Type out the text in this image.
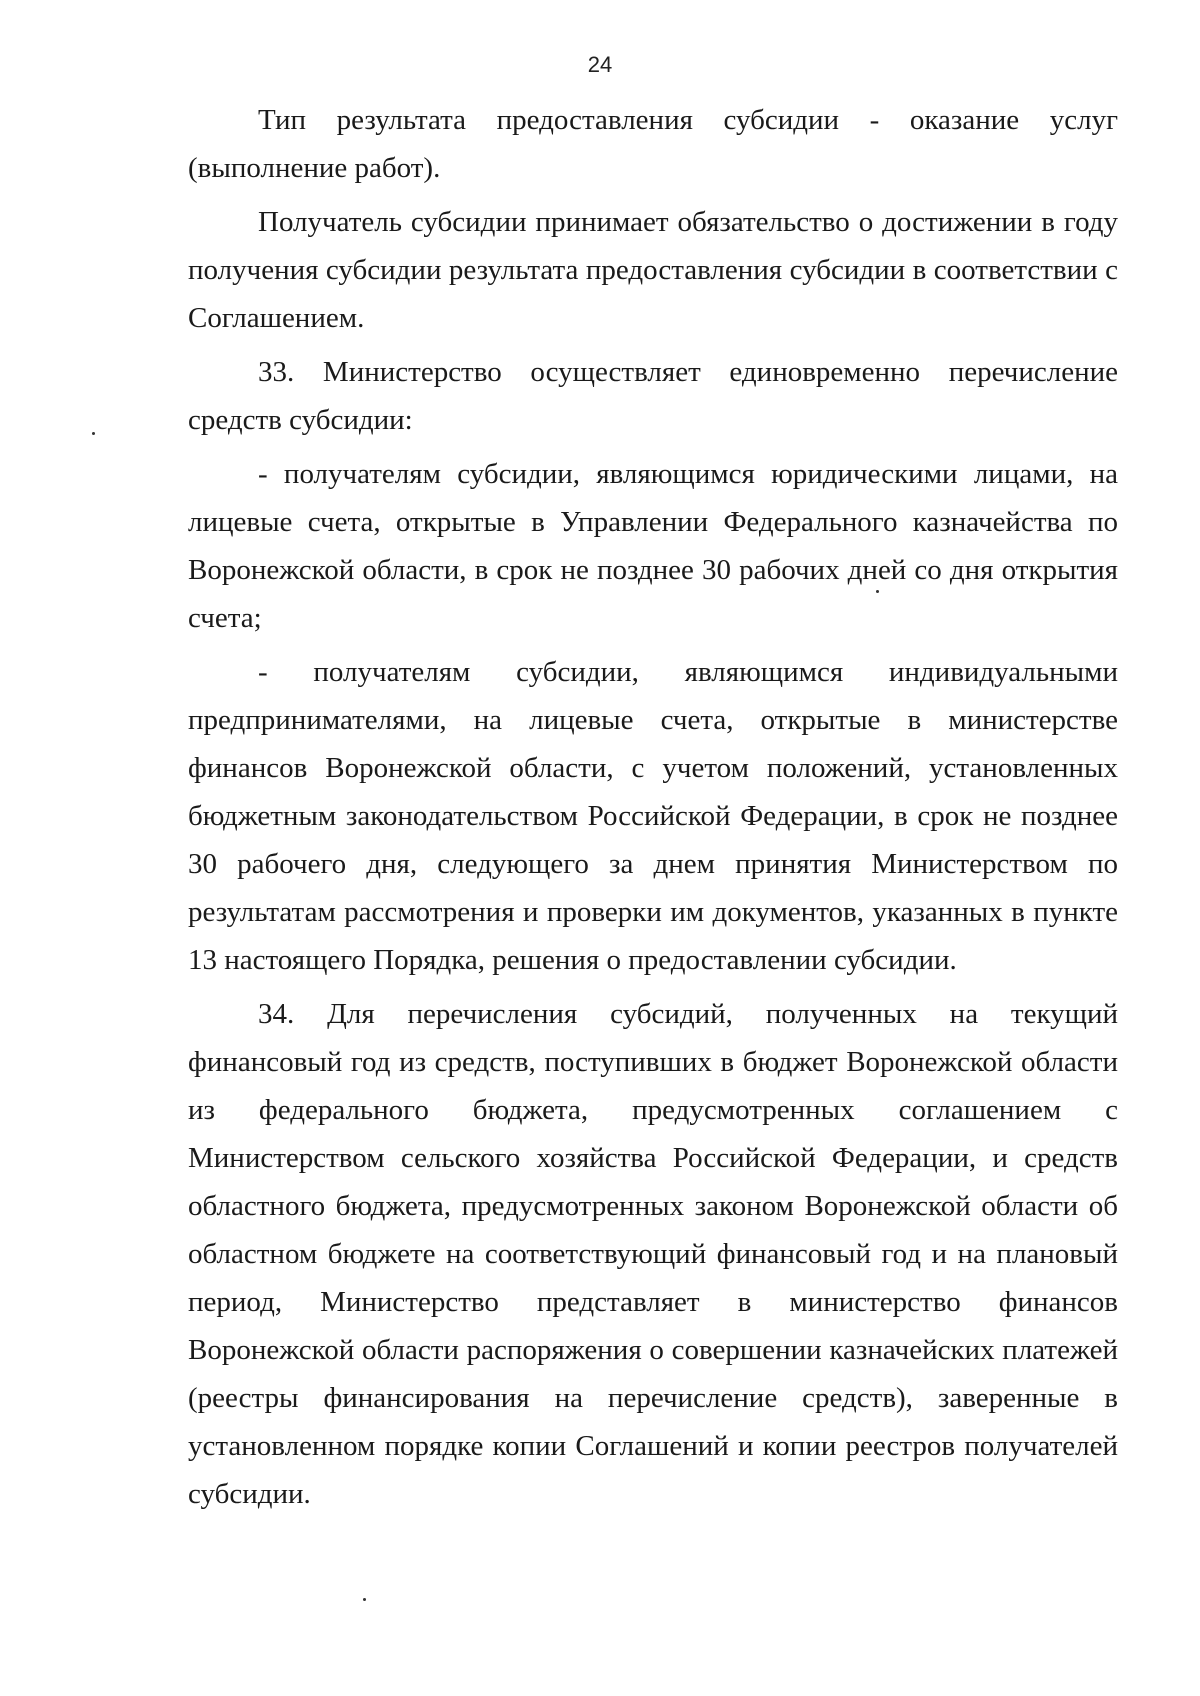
24

Тип результата предоставления субсидии - оказание услуг (выполнение работ).

Получатель субсидии принимает обязательство о достижении в году получения субсидии результата предоставления субсидии в соответствии с Соглашением.

33. Министерство осуществляет единовременно перечисление средств субсидии:

- получателям субсидии, являющимся юридическими лицами, на лицевые счета, открытые в Управлении Федерального казначейства по Воронежской области, в срок не позднее 30 рабочих дней со дня открытия счета;

- получателям субсидии, являющимся индивидуальными предпринимателями, на лицевые счета, открытые в министерстве финансов Воронежской области, с учетом положений, установленных бюджетным законодательством Российской Федерации, в срок не позднее 30 рабочего дня, следующего за днем принятия Министерством по результатам рассмотрения и проверки им документов, указанных в пункте 13 настоящего Порядка, решения о предоставлении субсидии.

34. Для перечисления субсидий, полученных на текущий финансовый год из средств, поступивших в бюджет Воронежской области из федерального бюджета, предусмотренных соглашением с Министерством сельского хозяйства Российской Федерации, и средств областного бюджета, предусмотренных законом Воронежской области об областном бюджете на соответствующий финансовый год и на плановый период, Министерство представляет в министерство финансов Воронежской области распоряжения о совершении казначейских платежей (реестры финансирования на перечисление средств), заверенные в установленном порядке копии Соглашений и копии реестров получателей субсидии.
